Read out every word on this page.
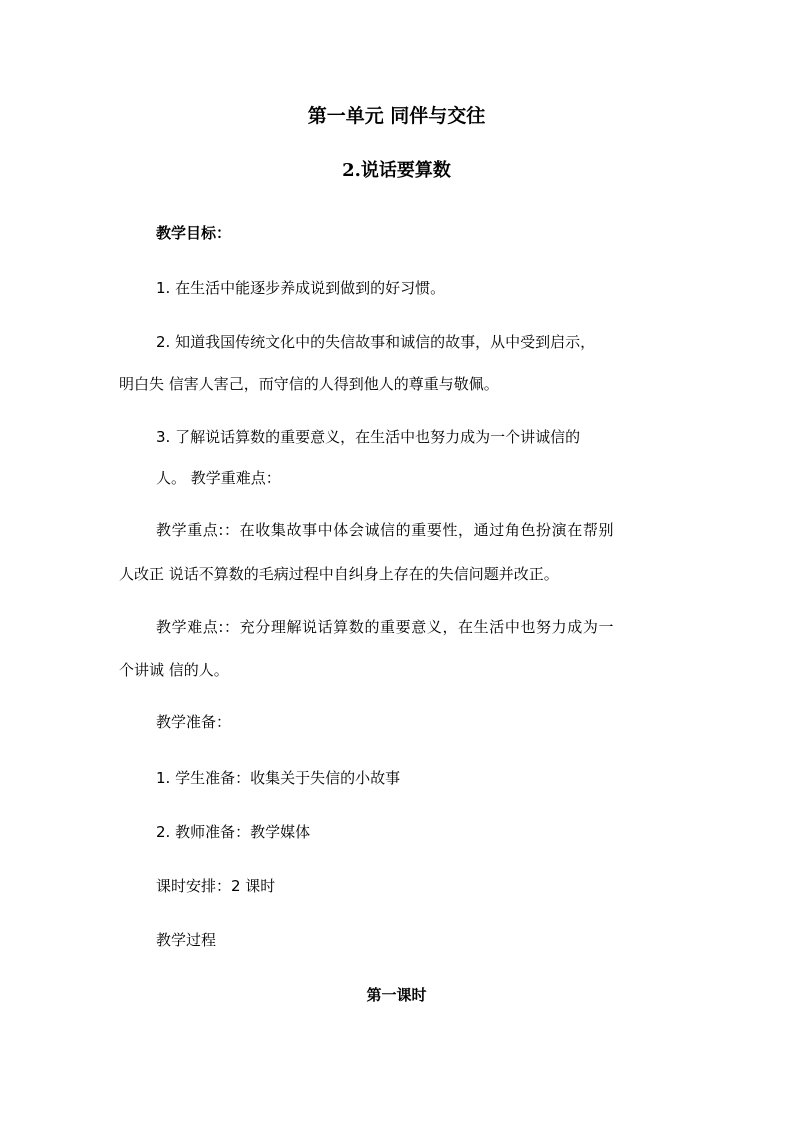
第一单元 同伴与交往
2.说话要算数
教学目标：
1. 在生活中能逐步养成说到做到的好习惯。
2. 知道我国传统文化中的失信故事和诚信的故事，从中受到启示，
明白失 信害人害己，而守信的人得到他人的尊重与敬佩。
3. 了解说话算数的重要意义，在生活中也努力成为一个讲诚信的
人。 教学重难点：
教学重点:：在收集故事中体会诚信的重要性，通过角色扮演在帮别
人改正 说话不算数的毛病过程中自纠身上存在的失信问题并改正。
教学难点:：充分理解说话算数的重要意义，在生活中也努力成为一
个讲诚 信的人。
教学准备：
1. 学生准备：收集关于失信的小故事
2. 教师准备：教学媒体
课时安排：2 课时
教学过程
第一课时
